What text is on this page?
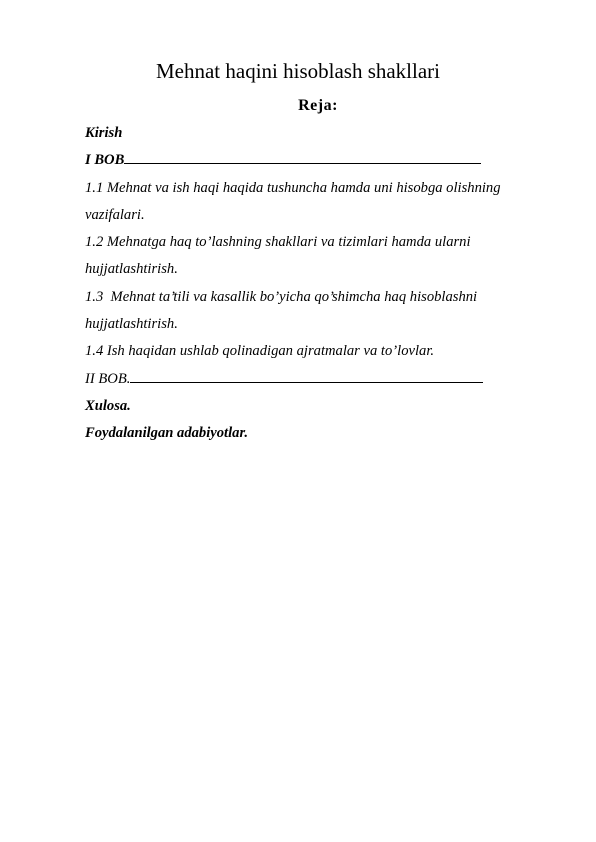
Mehnat haqini hisoblash shakllari
Reja:
Kirish
I BOB
1.1 Mehnat va ish haqi haqida tushuncha hamda uni hisobga olishning
vazifalari.
1.2 Mehnatga haq to’lashning shakllari va tizimlari hamda ularni
hujjatlashtirish.
1.3  Mehnat ta’tili va kasallik bo’yicha qo’shimcha haq hisoblashni
hujjatlashtirish.
1.4 Ish haqidan ushlab qolinadigan ajratmalar va to’lovlar.
II BOB.
Xulosa.
Foydalanilgan adabiyotlar.
